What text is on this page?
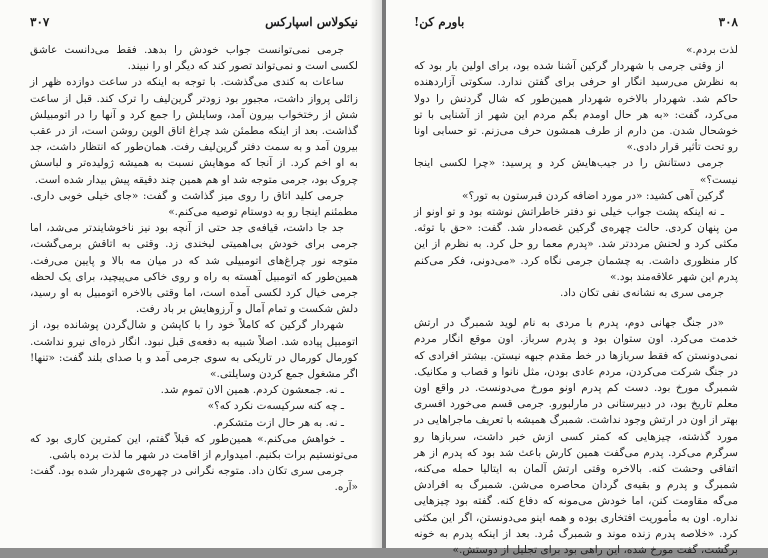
نیکولاس اسپارکس
۳۰۷

جرمی نمی‌توانست جواب خودش را بدهد. فقط می‌دانست عاشق لکسی است و نمی‌تواند تصور کند که دیگر او را نبیند.

ساعات به کندی می‌گذشت. با توجه به اینکه در ساعت دوازده ظهر از زائلی پرواز داشت، مجبور بود زودتر گرین‌لیف را ترک کند. قبل از ساعت شش از رختخواب بیرون آمد، وسایلش را جمع کرد و آنها را در اتومبیلش گذاشت. بعد از اینکه مطمئن شد چراغ اتاق الوین روشن است، از در عقب بیرون آمد و به سمت دفتر گرین‌لیف رفت. همان‌طور که انتظار داشت، جد به او اخم کرد. از آنجا که موهایش نسبت به همیشه ژولیده‌تر و لباسش چروک بود، جرمی متوجه شد او هم همین چند دقیقه پیش بیدار شده است.

جرمی کلید اتاق را روی میز گذاشت و گفت: «جای خیلی خوبی داری. مطمئنم اینجا رو به دوستام توصیه می‌کنم.»

جد جا داشت، قیافه‌ی جد حتی از آنچه بود نیز ناخوشایندتر می‌شد، اما جرمی برای خودش بی‌اهمیتی لبخندی زد. وقتی به اتاقش برمی‌گشت، متوجه نور چراغ‌های اتومبیلی شد که در میان مه بالا و پایین می‌رفت. همین‌طور که اتومبیل آهسته به راه و روی خاکی می‌پیچید، برای یک لحظه جرمی خیال کرد لکسی آمده است، اما وقتی بالاخره اتومبیل به او رسید، دلش شکست و تمام آمال و آرزوهایش بر باد رفت.

شهردار گرکین که کاملاً خود را با کاپشن و شال‌گردن پوشانده بود، از اتومبیل پیاده شد. اصلاً شبیه به دفعه‌ی قبل نبود. انگار ذره‌ای نیرو نداشت. کورمال کورمال در تاریکی به سوی جرمی آمد و با صدای بلند گفت: «تنها! اگر مشغول جمع کردن وسایلتی.»

ـ نه. جمعشون کردم. همین الان تموم شد.

ـ چه کنه سرکیسه‌ت نکرد که؟»

ـ نه. به هر حال ازت متشکرم.

ـ خواهش می‌کنم.» همین‌طور که قبلاً گفتم، این کمترین کاری بود که می‌تونستیم برات بکنیم. امیدوارم از اقامت در شهر ما لذت برده باشی.

جرمی سری تکان داد. متوجه نگرانی در چهره‌ی شهردار شده بود. گفت: «آره.

۳۰۸
باورم کن!

لذت بردم.»

از وقتی جرمی با شهردار گرکین آشنا شده بود، برای اولین بار بود که به نظرش می‌رسید انگار او حرفی برای گفتن ندارد. سکوتی آزاردهنده حاکم شد. شهردار بالاخره شهردار همین‌طور که شال گردنش را دولا می‌کرد، گفت: «به هر حال اومدم بگم مردم این شهر از آشنایی با تو خوشحال شدن. من دارم از طرف همشون حرف می‌زنم. تو حسابی اونا رو تحت تأثیر قرار دادی.»

جرمی دستانش را در جیب‌هایش کرد و پرسید: «چرا لکسی اینجا نیست؟»

گرکین آهی کشید: «در مورد اضافه کردن قبرستون به تور؟»

ـ نه اینکه پشت جواب خیلی نو دفتر خاطراتش نوشته بود و تو اونو از من پنهان کردی. حالت چهره‌ی گرکین غصه‌دار شد. گفت: «حق با توئه. مکثی کرد و لحنش مرددتر شد. «پدرم معما رو حل کرد. به نظرم از این کار منظوری داشت. به چشمان جرمی نگاه کرد. «می‌دونی، فکر می‌کنم پدرم این شهر علاقه‌مند بود.»

جرمی سری به نشانه‌ی نفی تکان داد.

«در جنگ جهانی دوم، پدرم با مردی به نام لوید شمبرگ در ارتش خدمت می‌کرد. اون ستوان بود و پدرم سرباز. اون موقع انگار مردم نمی‌دونستن که فقط سربازها در خط مقدم جبهه نیستن. بیشتر افرادی که در جنگ شرکت می‌کردن، مردم عادی بودن، مثل نانوا و قصاب و مکانیک. شمبرگ مورخ بود. دست کم پدرم اونو مورخ می‌دونست. در واقع اون معلم تاریخ بود، در دبیرستانی در مارلبورو. جرمی قسم می‌خورد افسری بهتر از اون در ارتش وجود نداشت. شمبرگ همیشه با تعریف ماجراهایی در مورد گذشته، چیزهایی که کمتر کسی ازش خبر داشت، سربازها رو سرگرم می‌کرد. پدرم می‌گفت همین کارش باعث شد بود که پدرم از هر اتفاقی وحشت کنه. بالاخره وقتی ارتش آلمان به ایتالیا حمله می‌کنه، شمبرگ و پدرم و بقیه‌ی گردان محاصره می‌شن. شمبرگ به افرادش می‌گه مقاومت کنن، اما خودش می‌مونه که دفاع کنه. گفته بود چیزهایی نداره. اون به مأموریت افتخاری بوده و همه اینو می‌دونستن، اگر این مکثی کرد. «خلاصه پدرم زنده موند و شمبرگ مُرد. بعد از اینکه پدرم به خونه برگشت، گفت مورخ شده، این راهی بود برای تجلیل از دوستش.»
